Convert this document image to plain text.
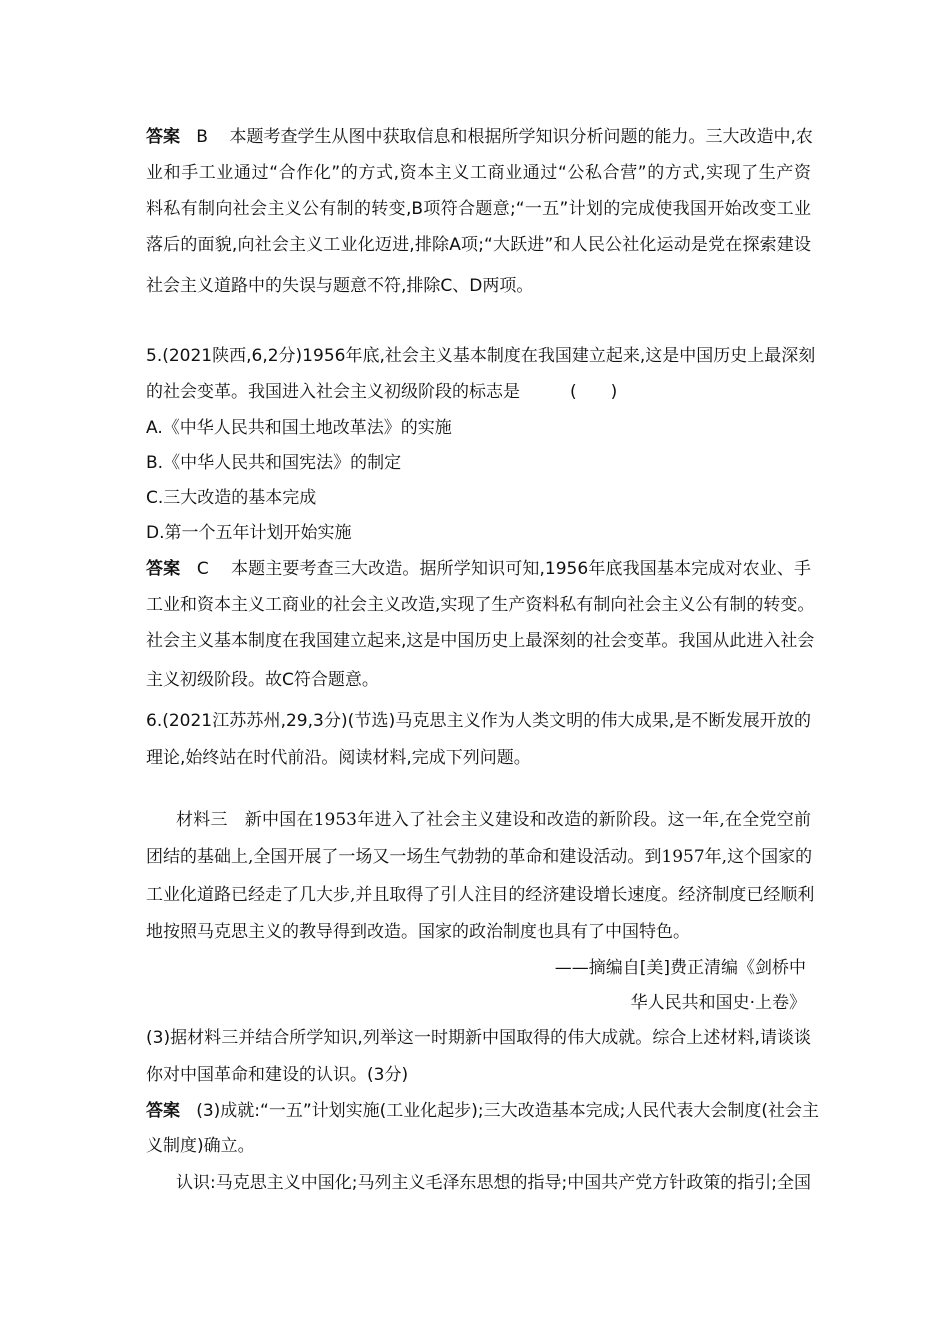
答案 B 本题考查学生从图中获取信息和根据所学知识分析问题的能力。三大改造中,农
业和手工业通过“合作化”的方式,资本主义工商业通过“公私合营”的方式,实现了生产资
料私有制向社会主义公有制的转变,B项符合题意;“一五”计划的完成使我国开始改变工业
落后的面貌,向社会主义工业化迈进,排除A项;“大跃进”和人民公社化运动是党在探索建设
社会主义道路中的失误与题意不符,排除C、D两项。
5.(2021陕西,6,2分)1956年底,社会主义基本制度在我国建立起来,这是中国历史上最深刻
的社会变革。我国进入社会主义初级阶段的标志是	(　　)
A.《中华人民共和国土地改革法》的实施
B.《中华人民共和国宪法》的制定
C.三大改造的基本完成
D.第一个五年计划开始实施
答案 C 本题主要考查三大改造。据所学知识可知,1956年底我国基本完成对农业、手
工业和资本主义工商业的社会主义改造,实现了生产资料私有制向社会主义公有制的转变。
社会主义基本制度在我国建立起来,这是中国历史上最深刻的社会变革。我国从此进入社会
主义初级阶段。故C符合题意。
6.(2021江苏苏州,29,3分)(节选)马克思主义作为人类文明的伟大成果,是不断发展开放的
理论,始终站在时代前沿。阅读材料,完成下列问题。
材料三 新中国在1953年进入了社会主义建设和改造的新阶段。这一年,在全党空前
团结的基础上,全国开展了一场又一场生气勃勃的革命和建设活动。到1957年,这个国家的
工业化道路已经走了几大步,并且取得了引人注目的经济建设增长速度。经济制度已经顺利
地按照马克思主义的教导得到改造。国家的政治制度也具有了中国特色。
——摘编自[美]费正清编《剑桥中
华人民共和国史·上卷》
(3)据材料三并结合所学知识,列举这一时期新中国取得的伟大成就。综合上述材料,请谈谈
你对中国革命和建设的认识。(3分)
答案 (3)成就:“一五”计划实施(工业化起步);三大改造基本完成;人民代表大会制度(社会主
义制度)确立。
认识:马克思主义中国化;马列主义毛泽东思想的指导;中国共产党方针政策的指引;全国
